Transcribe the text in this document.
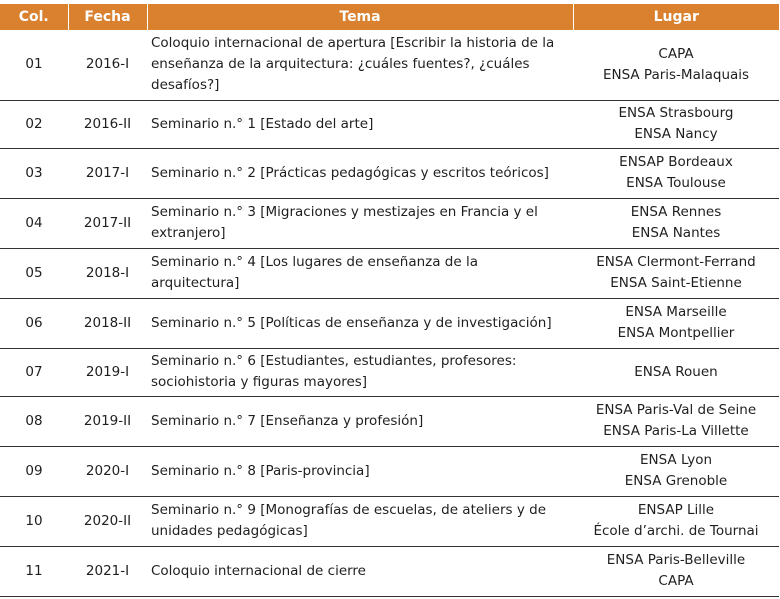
Col.	Fecha	Tema	Lugar
01	2016-I	Coloquio internacional de apertura [Escribir la historia de la enseñanza de la arquitectura: ¿cuáles fuentes?, ¿cuáles desafíos?]	CAPA
ENSA Paris-Malaquais

02	2016-II	Seminario n.° 1 [Estado del arte]	ENSA Strasbourg
ENSA Nancy

03	2017-I	Seminario n.° 2 [Prácticas pedagógicas y escritos teóricos]	ENSAP Bordeaux
ENSA Toulouse

04	2017-II	Seminario n.° 3 [Migraciones y mestizajes en Francia y el extranjero]	ENSA Rennes
ENSA Nantes

05	2018-I	Seminario n.° 4 [Los lugares de enseñanza de la arquitectura]	ENSA Clermont-Ferrand
ENSA Saint-Etienne

06	2018-II	Seminario n.° 5 [Políticas de enseñanza y de investigación]	ENSA Marseille
ENSA Montpellier

07	2019-I	Seminario n.° 6 [Estudiantes, estudiantes, profesores: sociohistoria y figuras mayores]	ENSA Rouen

08	2019-II	Seminario n.° 7 [Enseñanza y profesión]	ENSA Paris-Val de Seine
ENSA Paris-La Villette

09	2020-I	Seminario n.° 8 [Paris-provincia]	ENSA Lyon
ENSA Grenoble

10	2020-II	Seminario n.° 9 [Monografías de escuelas, de ateliers y de unidades pedagógicas]	ENSAP Lille
École d’archi. de Tournai

11	2021-I	Coloquio internacional de cierre	ENSA Paris-Belleville
CAPA
